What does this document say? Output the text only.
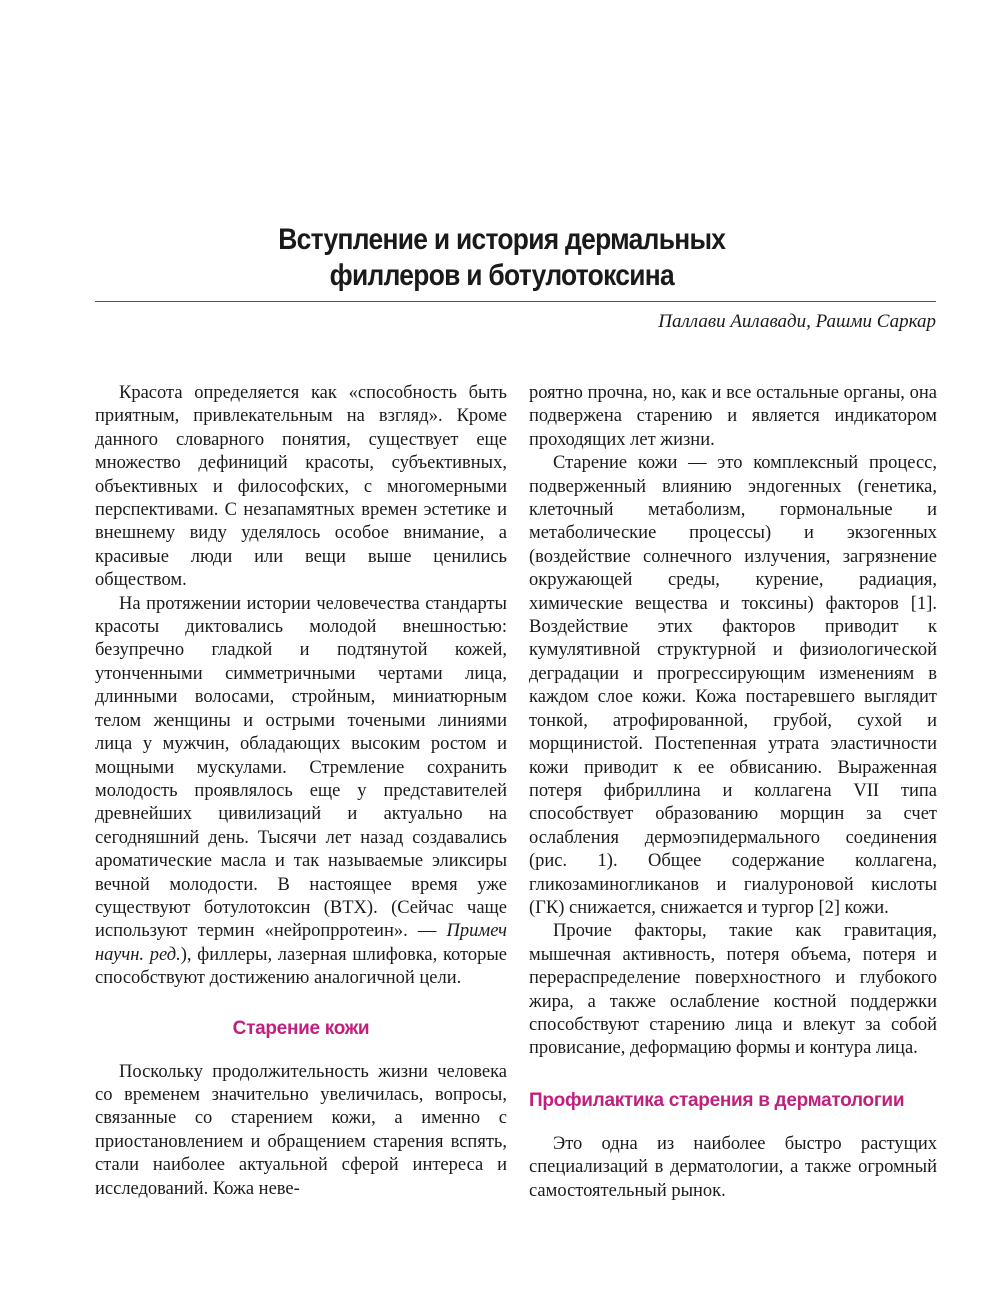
Вступление и история дермальных
филлеров и ботулотоксина
Паллави Аилавади, Рашми Саркар

Красота определяется как «способность быть приятным, привлекательным на взгляд». Кроме данного словарного понятия, существует еще множество дефиниций красоты, субъективных, объективных и философских, с многомерными перспективами. С незапамятных времен эстетике и внешнему виду уделялось особое внимание, а красивые люди или вещи выше ценились обществом.

На протяжении истории человечества стандарты красоты диктовались молодой внешностью: безупречно гладкой и подтянутой кожей, утонченными симметричными чертами лица, длинными волосами, стройным, миниатюрным телом женщины и острыми точеными линиями лица у мужчин, обладающих высоким ростом и мощными мускулами. Стремление сохранить молодость проявлялось еще у представителей древнейших цивилизаций и актуально на сегодняшний день. Тысячи лет назад создавались ароматические масла и так называемые эликсиры вечной молодости. В настоящее время уже существуют ботулотоксин (BTX). (Сейчас чаще используют термин «нейропрротеин». — Примеч научн. ред.), филлеры, лазерная шлифовка, которые способствуют достижению аналогичной цели.

Старение кожи

Поскольку продолжительность жизни человека со временем значительно увеличилась, вопросы, связанные со старением кожи, а именно с приостановлением и обращением старения вспять, стали наиболее актуальной сферой интереса и исследований. Кожа неве-

роятно прочна, но, как и все остальные органы, она подвержена старению и является индикатором проходящих лет жизни.

Старение кожи — это комплексный процесс, подверженный влиянию эндогенных (генетика, клеточный метаболизм, гормональные и метаболические процессы) и экзогенных (воздействие солнечного излучения, загрязнение окружающей среды, курение, радиация, химические вещества и токсины) факторов [1]. Воздействие этих факторов приводит к кумулятивной структурной и физиологической деградации и прогрессирующим изменениям в каждом слое кожи. Кожа постаревшего выглядит тонкой, атрофированной, грубой, сухой и морщинистой. Постепенная утрата эластичности кожи приводит к ее обвисанию. Выраженная потеря фибриллина и коллагена VII типа способствует образованию морщин за счет ослабления дермоэпидермального соединения (рис. 1). Общее содержание коллагена, гликозаминогликанов и гиалуроновой кислоты (ГК) снижается, снижается и тургор [2] кожи.

Прочие факторы, такие как гравитация, мышечная активность, потеря объема, потеря и перераспределение поверхностного и глубокого жира, а также ослабление костной поддержки способствуют старению лица и влекут за собой провисание, деформацию формы и контура лица.

Профилактика старения в дерматологии

Это одна из наиболее быстро растущих специализаций в дерматологии, а также огромный самостоятельный рынок.
